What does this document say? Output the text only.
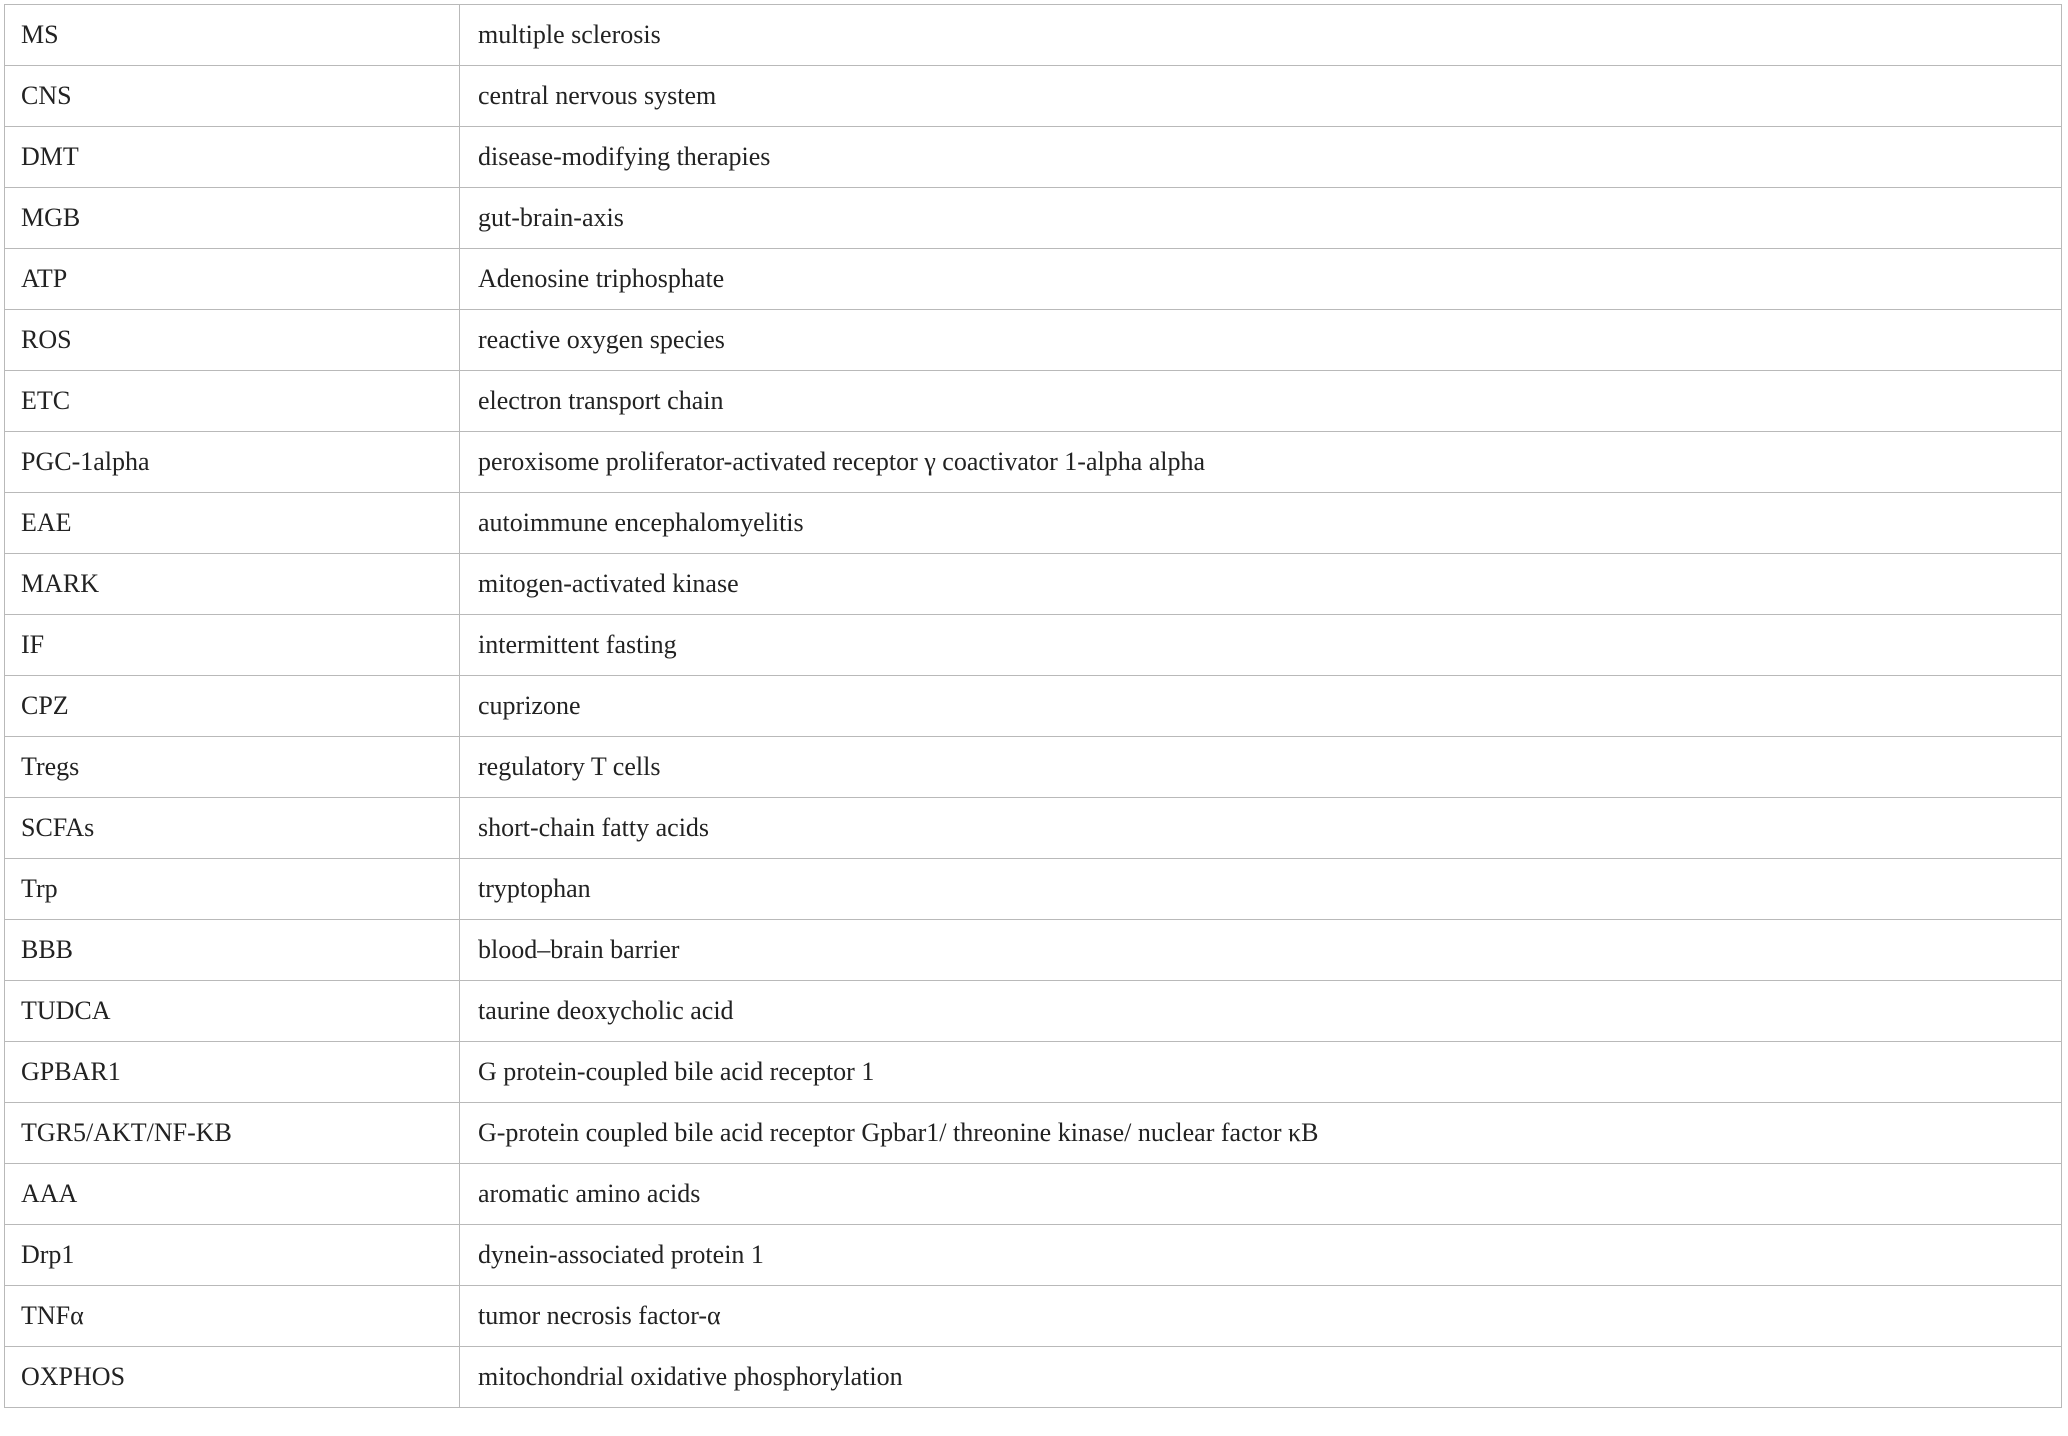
MS	multiple sclerosis
CNS	central nervous system
DMT	disease-modifying therapies
MGB	gut-brain-axis
ATP	Adenosine triphosphate
ROS	reactive oxygen species
ETC	electron transport chain
PGC-1alpha	peroxisome proliferator-activated receptor γ coactivator 1-alpha alpha
EAE	autoimmune encephalomyelitis
MARK	mitogen-activated kinase
IF	intermittent fasting
CPZ	cuprizone
Tregs	regulatory T cells
SCFAs	short-chain fatty acids
Trp	tryptophan
BBB	blood–brain barrier
TUDCA	taurine deoxycholic acid
GPBAR1	G protein-coupled bile acid receptor 1
TGR5/AKT/NF-KB	G-protein coupled bile acid receptor Gpbar1/ threonine kinase/ nuclear factor κB
AAA	aromatic amino acids
Drp1	dynein-associated protein 1
TNFα	tumor necrosis factor-α
OXPHOS	mitochondrial oxidative phosphorylation
